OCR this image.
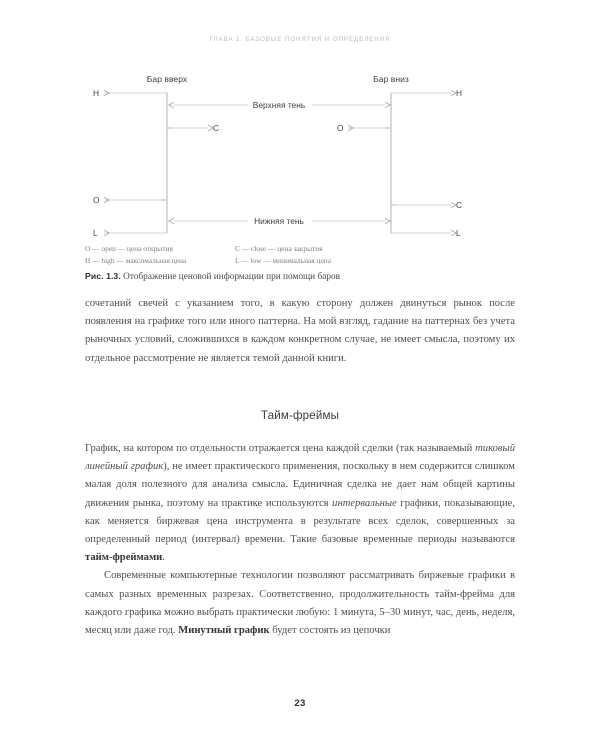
ГЛАВА 1. БАЗОВЫЕ ПОНЯТИЯ И ОПРЕДЕЛЕНИЯ
Бар вверх	Бар вниз
H
C
O
L
H
O
C
L
Верхняя тень
Нижняя тень
O — open — цена открытия	C — close — цена закрытия
H — high — максимальная цена	L — low — минимальная цена
Рис. 1.3. Отображение ценовой информации при помощи баров

сочетаний свечей с указанием того, в какую сторону должен двинуться рынок после появления на графике того или иного паттерна. На мой взгляд, гадание на паттернах без учета рыночных условий, сложившихся в каждом конкретном случае, не имеет смысла, поэтому их отдельное рассмотрение не является темой данной книги.

Тайм-фреймы

График, на котором по отдельности отражается цена каждой сделки (так называемый тиковый линейный график), не имеет практического применения, поскольку в нем содержится слишком малая доля полезного для анализа смысла. Единичная сделка не дает нам общей картины движения рынка, поэтому на практике используются интервальные графики, показывающие, как меняется биржевая цена инструмента в результате всех сделок, совершенных за определенный период (интервал) времени. Такие базовые временные периоды называются тайм-фреймами.

Современные компьютерные технологии позволяют рассматривать биржевые графики в самых разных временных разрезах. Соответственно, продолжительность тайм-фрейма для каждого графика можно выбрать практически любую: 1 минута, 5–30 минут, час, день, неделя, месяц или даже год. Минутный график будет состоять из цепочки

23
